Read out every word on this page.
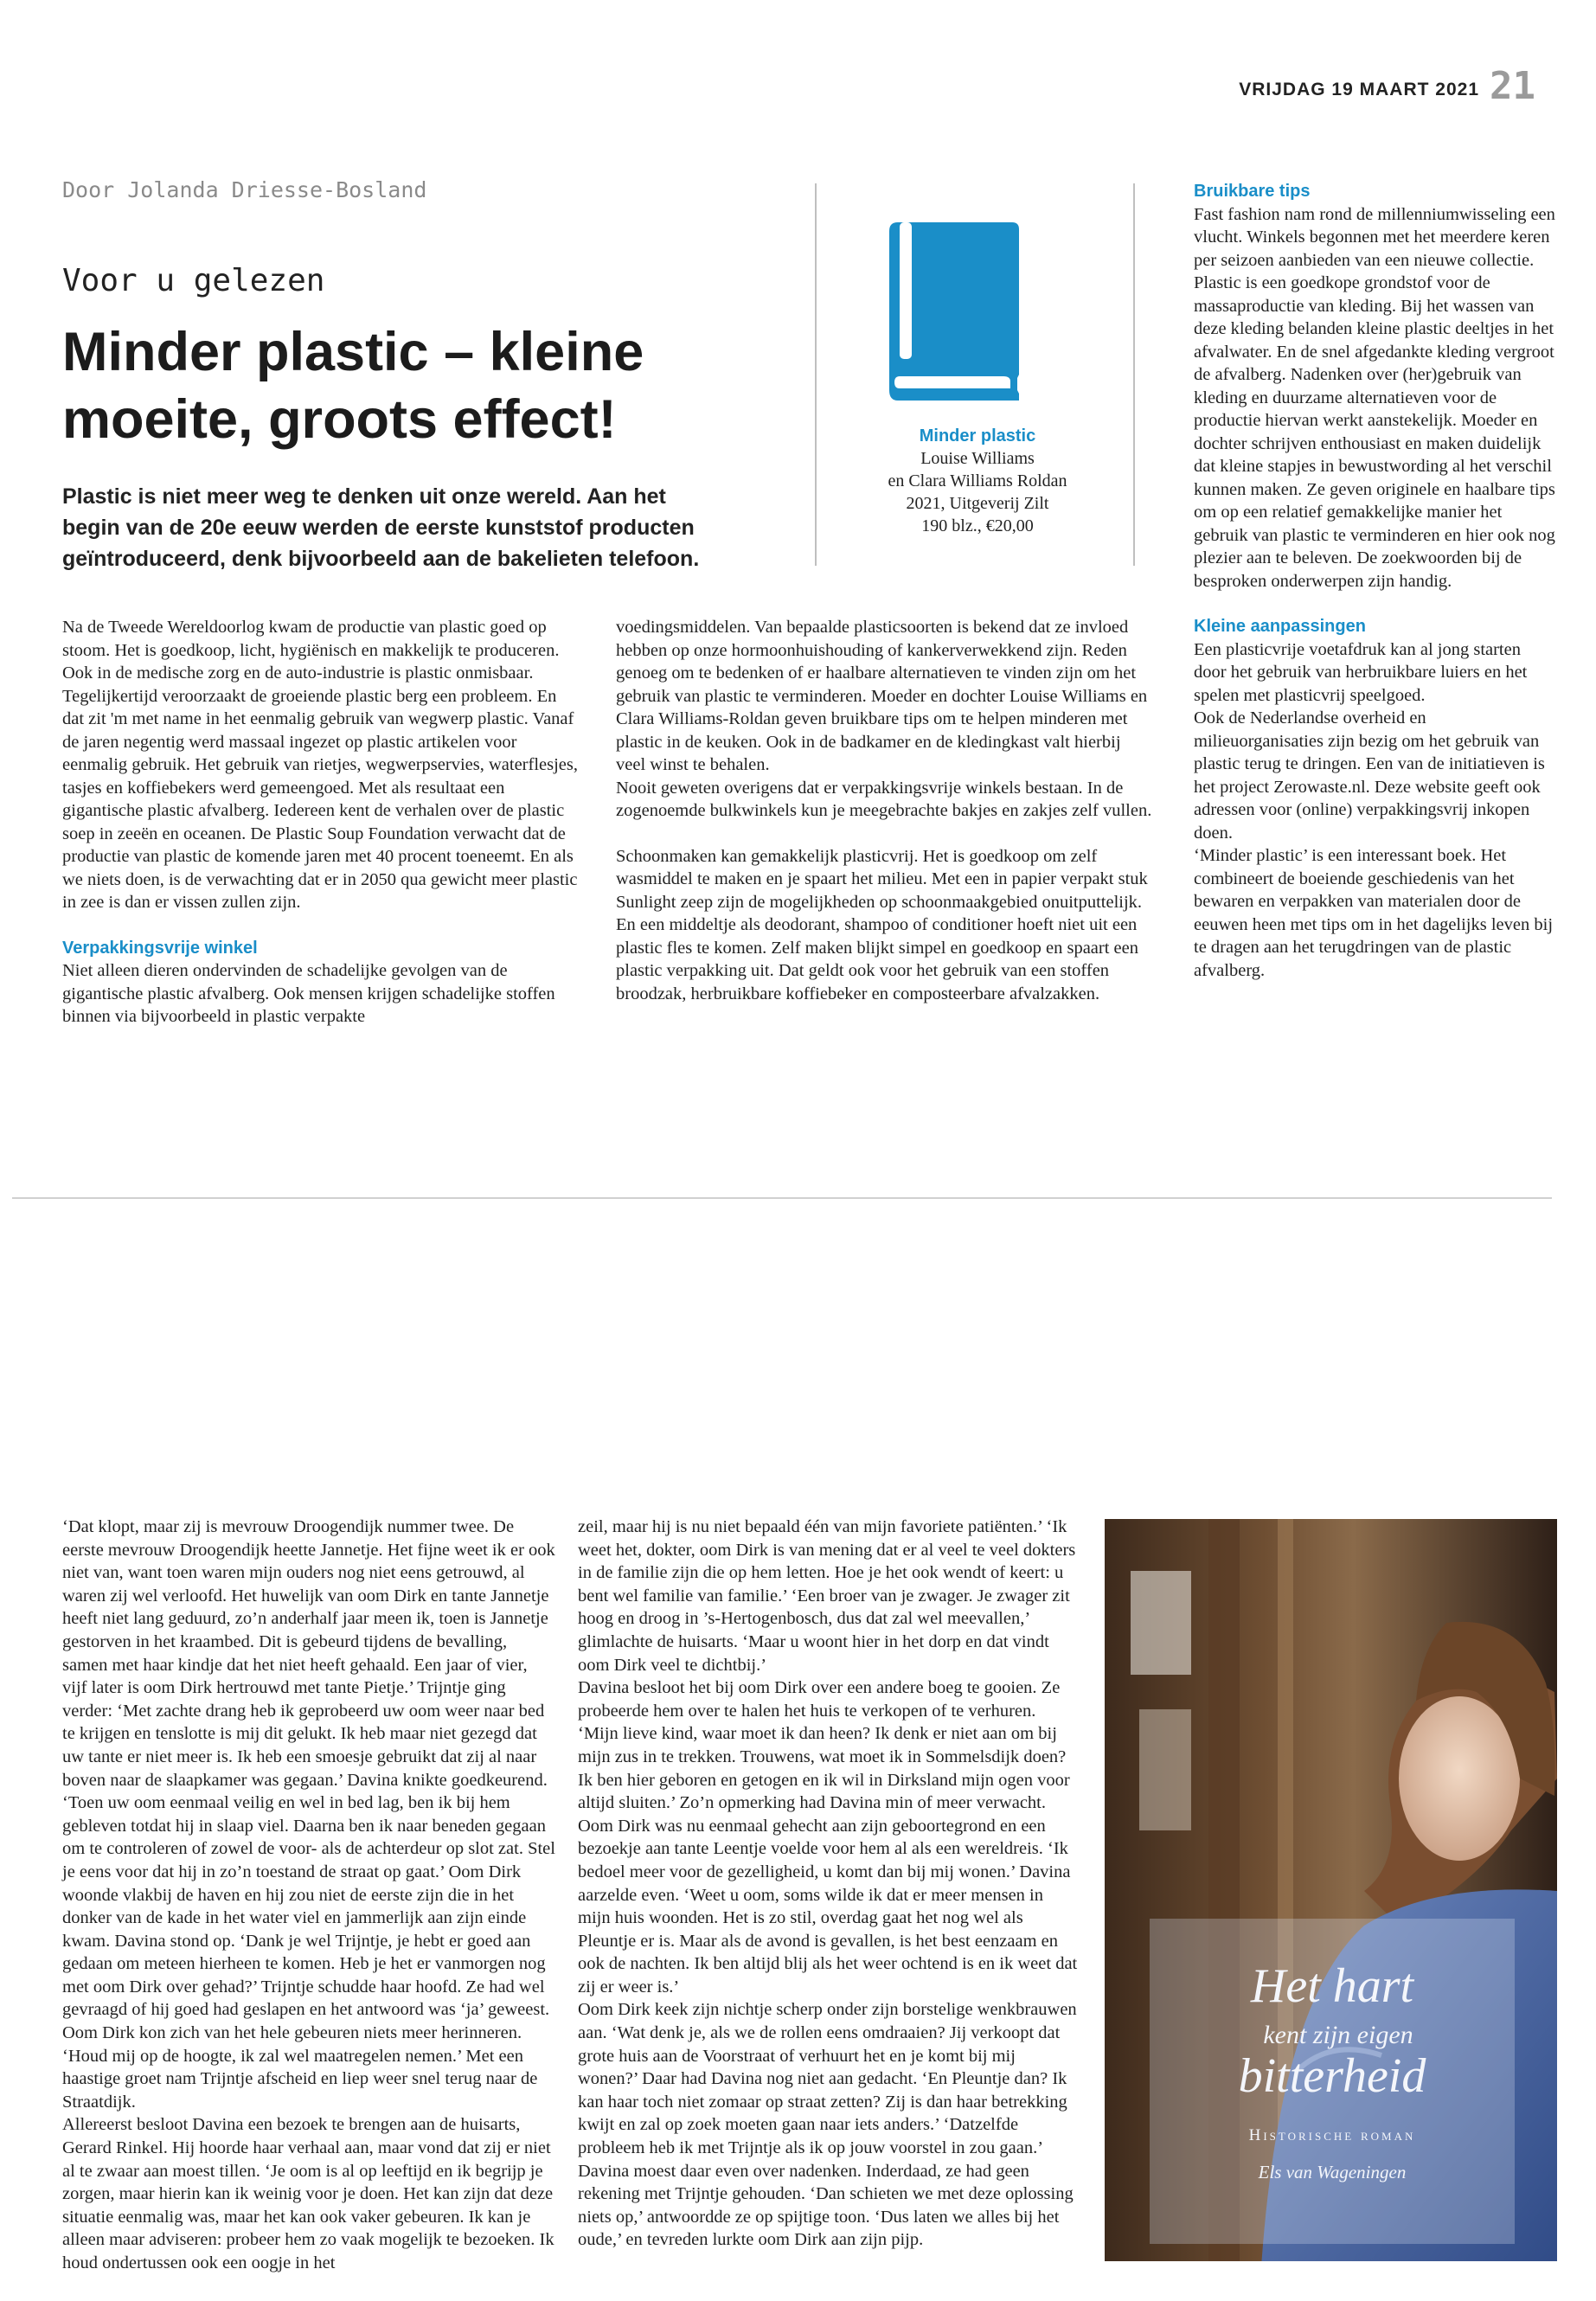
VRIJDAG 19 MAART 2021 21
Door Jolanda Driesse-Bosland
Voor u gelezen
Minder plastic – kleine
moeite, groots effect!
Plastic is niet meer weg te denken uit onze wereld. Aan het
begin van de 20e eeuw werden de eerste kunststof producten
geïntroduceerd, denk bijvoorbeeld aan de bakelieten telefoon.
Minder plastic
Louise Williams
en Clara Williams Roldan
2021, Uitgeverij Zilt
190 blz., €20,00

Na de Tweede Wereldoorlog kwam de productie van plastic goed op stoom. Het is goedkoop, licht, hygiënisch en makkelijk te produceren. Ook in de medische zorg en de auto-industrie is plastic onmisbaar.

Tegelijkertijd veroorzaakt de groeiende plastic berg een probleem. En dat zit 'm met name in het eenmalig gebruik van wegwerp plastic. Vanaf de jaren negentig werd massaal ingezet op plastic artikelen voor eenmalig gebruik. Het gebruik van rietjes, wegwerpservies, waterflesjes, tasjes en koffiebekers werd gemeengoed. Met als resultaat een gigantische plastic afvalberg. Iedereen kent de verhalen over de plastic soep in zeeën en oceanen. De Plastic Soup Foundation verwacht dat de productie van plastic de komende jaren met 40 procent toeneemt. En als we niets doen, is de verwachting dat er in 2050 qua gewicht meer plastic in zee is dan er vissen zullen zijn.

Verpakkingsvrije winkel

Niet alleen dieren ondervinden de schadelijke gevolgen van de gigantische plastic afvalberg. Ook mensen krijgen schadelijke stoffen binnen via bijvoorbeeld in plastic verpakte

voedingsmiddelen. Van bepaalde plasticsoorten is bekend dat ze invloed hebben op onze hormoonhuishouding of kankerverwekkend zijn. Reden genoeg om te bedenken of er haalbare alternatieven te vinden zijn om het gebruik van plastic te verminderen. Moeder en dochter Louise Williams en Clara Williams-Roldan geven bruikbare tips om te helpen minderen met plastic in de keuken. Ook in de badkamer en de kledingkast valt hierbij veel winst te behalen.

Nooit geweten overigens dat er verpakkingsvrije winkels bestaan. In de zogenoemde bulkwinkels kun je meegebrachte bakjes en zakjes zelf vullen.

Schoonmaken kan gemakkelijk plasticvrij. Het is goedkoop om zelf wasmiddel te maken en je spaart het milieu. Met een in papier verpakt stuk Sunlight zeep zijn de mogelijkheden op schoonmaakgebied onuitputtelijk. En een middeltje als deodorant, shampoo of conditioner hoeft niet uit een plastic fles te komen. Zelf maken blijkt simpel en goedkoop en spaart een plastic verpakking uit. Dat geldt ook voor het gebruik van een stoffen broodzak, herbruikbare koffiebeker en composteerbare afvalzakken.

Bruikbare tips

Fast fashion nam rond de millenniumwisseling een vlucht. Winkels begonnen met het meerdere keren per seizoen aanbieden van een nieuwe collectie. Plastic is een goedkope grondstof voor de massaproductie van kleding. Bij het wassen van deze kleding belanden kleine plastic deeltjes in het afvalwater. En de snel afgedankte kleding vergroot de afvalberg. Nadenken over (her)gebruik van kleding en duurzame alternatieven voor de productie hiervan werkt aanstekelijk. Moeder en dochter schrijven enthousiast en maken duidelijk dat kleine stapjes in bewustwording al het verschil kunnen maken. Ze geven originele en haalbare tips om op een relatief gemakkelijke manier het gebruik van plastic te verminderen en hier ook nog plezier aan te beleven. De zoekwoorden bij de besproken onderwerpen zijn handig.

Kleine aanpassingen

Een plasticvrije voetafdruk kan al jong starten door het gebruik van herbruikbare luiers en het spelen met plasticvrij speelgoed.

Ook de Nederlandse overheid en milieuorganisaties zijn bezig om het gebruik van plastic terug te dringen. Een van de initiatieven is het project Zerowaste.nl. Deze website geeft ook adressen voor (online) verpakkingsvrij inkopen doen.

‘Minder plastic’ is een interessant boek. Het combineert de boeiende geschiedenis van het bewaren en verpakken van materialen door de eeuwen heen met tips om in het dagelijks leven bij te dragen aan het terugdringen van de plastic afvalberg.

‘Dat klopt, maar zij is mevrouw Droogendijk nummer twee. De eerste mevrouw Droogendijk heette Jannetje. Het fijne weet ik er ook niet van, want toen waren mijn ouders nog niet eens getrouwd, al waren zij wel verloofd. Het huwelijk van oom Dirk en tante Jannetje heeft niet lang geduurd, zo’n anderhalf jaar meen ik, toen is Jannetje gestorven in het kraambed. Dit is gebeurd tijdens de bevalling, samen met haar kindje dat het niet heeft gehaald. Een jaar of vier, vijf later is oom Dirk hertrouwd met tante Pietje.’ Trijntje ging verder: ‘Met zachte drang heb ik geprobeerd uw oom weer naar bed te krijgen en tenslotte is mij dit gelukt. Ik heb maar niet gezegd dat uw tante er niet meer is. Ik heb een smoesje gebruikt dat zij al naar boven naar de slaapkamer was gegaan.’ Davina knikte goedkeurend. ‘Toen uw oom eenmaal veilig en wel in bed lag, ben ik bij hem gebleven totdat hij in slaap viel. Daarna ben ik naar beneden gegaan om te controleren of zowel de voor- als de achterdeur op slot zat. Stel je eens voor dat hij in zo’n toestand de straat op gaat.’ Oom Dirk woonde vlakbij de haven en hij zou niet de eerste zijn die in het donker van de kade in het water viel en jammerlijk aan zijn einde kwam. Davina stond op. ‘Dank je wel Trijntje, je hebt er goed aan gedaan om meteen hierheen te komen. Heb je het er vanmorgen nog met oom Dirk over gehad?’ Trijntje schudde haar hoofd. Ze had wel gevraagd of hij goed had geslapen en het antwoord was ‘ja’ geweest. Oom Dirk kon zich van het hele gebeuren niets meer herinneren. ‘Houd mij op de hoogte, ik zal wel maatregelen nemen.’ Met een haastige groet nam Trijntje afscheid en liep weer snel terug naar de Straatdijk.

Allereerst besloot Davina een bezoek te brengen aan de huisarts, Gerard Rinkel. Hij hoorde haar verhaal aan, maar vond dat zij er niet al te zwaar aan moest tillen. ‘Je oom is al op leeftijd en ik begrijp je zorgen, maar hierin kan ik weinig voor je doen. Het kan zijn dat deze situatie eenmalig was, maar het kan ook vaker gebeuren. Ik kan je alleen maar adviseren: probeer hem zo vaak mogelijk te bezoeken. Ik houd ondertussen ook een oogje in het

zeil, maar hij is nu niet bepaald één van mijn favoriete patiënten.’ ‘Ik weet het, dokter, oom Dirk is van mening dat er al veel te veel dokters in de familie zijn die op hem letten. Hoe je het ook wendt of keert: u bent wel familie van familie.’ ‘Een broer van je zwager. Je zwager zit hoog en droog in ’s-Hertogenbosch, dus dat zal wel meevallen,’ glimlachte de huisarts. ‘Maar u woont hier in het dorp en dat vindt oom Dirk veel te dichtbij.’

Davina besloot het bij oom Dirk over een andere boeg te gooien. Ze probeerde hem over te halen het huis te verkopen of te verhuren. ‘Mijn lieve kind, waar moet ik dan heen? Ik denk er niet aan om bij mijn zus in te trekken. Trouwens, wat moet ik in Sommelsdijk doen? Ik ben hier geboren en getogen en ik wil in Dirksland mijn ogen voor altijd sluiten.’ Zo’n opmerking had Davina min of meer verwacht. Oom Dirk was nu eenmaal gehecht aan zijn geboortegrond en een bezoekje aan tante Leentje voelde voor hem al als een wereldreis. ‘Ik bedoel meer voor de gezelligheid, u komt dan bij mij wonen.’ Davina aarzelde even. ‘Weet u oom, soms wilde ik dat er meer mensen in mijn huis woonden. Het is zo stil, overdag gaat het nog wel als Pleuntje er is. Maar als de avond is gevallen, is het best eenzaam en ook de nachten. Ik ben altijd blij als het weer ochtend is en ik weet dat zij er weer is.’

Oom Dirk keek zijn nichtje scherp onder zijn borstelige wenkbrauwen aan. ‘Wat denk je, als we de rollen eens omdraaien? Jij verkoopt dat grote huis aan de Voorstraat of verhuurt het en je komt bij mij wonen?’ Daar had Davina nog niet aan gedacht. ‘En Pleuntje dan? Ik kan haar toch niet zomaar op straat zetten? Zij is dan haar betrekking kwijt en zal op zoek moeten gaan naar iets anders.’ ‘Datzelfde probleem heb ik met Trijntje als ik op jouw voorstel in zou gaan.’ Davina moest daar even over nadenken. Inderdaad, ze had geen rekening met Trijntje gehouden. ‘Dan schieten we met deze oplossing niets op,’ antwoordde ze op spijtige toon. ‘Dus laten we alles bij het oude,’ en tevreden lurkte oom Dirk aan zijn pijp.

Het hart
kent zijn eigen
bitterheid
Historische roman
Els van Wageningen
